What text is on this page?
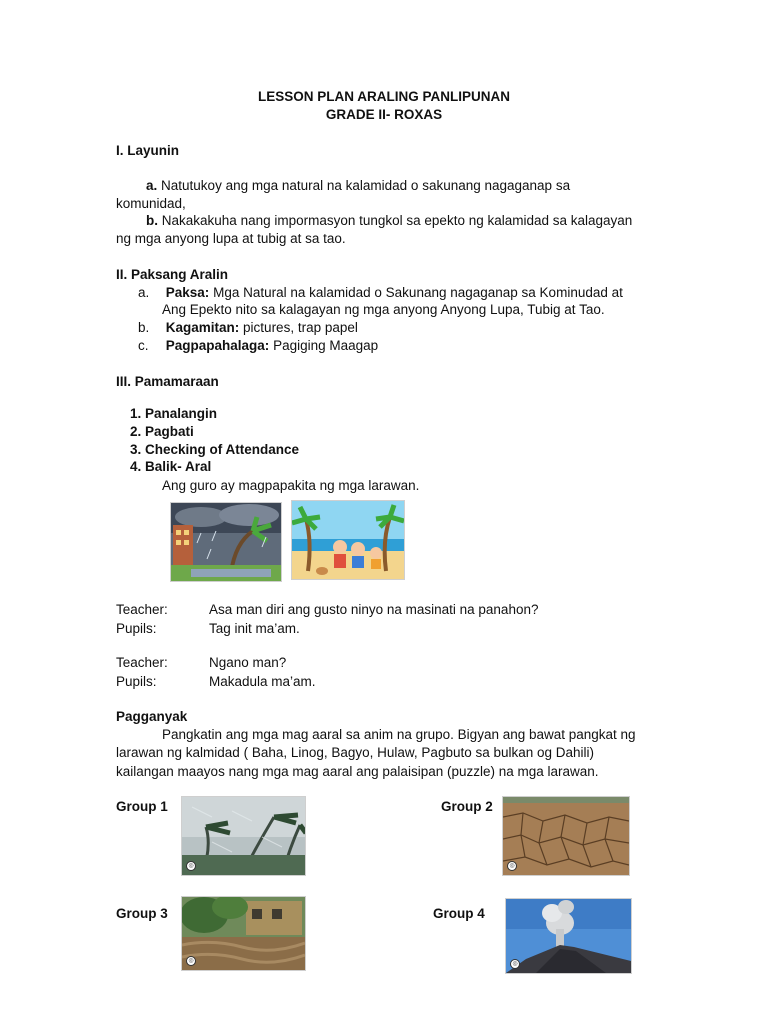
LESSON PLAN ARALING PANLIPUNAN
GRADE II- ROXAS
I. Layunin
a. Natutukoy ang mga natural na kalamidad o sakunang nagaganap sa
komunidad,
b. Nakakakuha nang impormasyon tungkol sa epekto ng kalamidad sa kalagayan
ng mga anyong lupa at tubig at sa tao.
II. Paksang Aralin
a. Paksa: Mga Natural na kalamidad o Sakunang nagaganap sa Kominudad at
Ang Epekto nito sa kalagayan ng mga anyong Anyong Lupa, Tubig at Tao.
b. Kagamitan: pictures, trap papel
c. Pagpapahalaga: Pagiging Maagap
III. Pamamaraan
1. Panalangin
2. Pagbati
3. Checking of Attendance
4. Balik- Aral
Ang guro ay magpapakita ng mga larawan.
Teacher:	Asa man diri ang gusto ninyo na masinati na panahon?
Pupils:	Tag init ma’am.
Teacher:	Ngano man?
Pupils:	Makadula ma’am.
Pagganyak
Pangkatin ang mga mag aaral sa anim na grupo. Bigyan ang bawat pangkat ng
larawan ng kalmidad ( Baha, Linog, Bagyo, Hulaw, Pagbuto sa bulkan og Dahili)
kailangan maayos nang mga mag aaral ang palaisipan (puzzle) na mga larawan.
Group 1
◎
Group 2
◎
Group 3
◎
Group 4
◎
